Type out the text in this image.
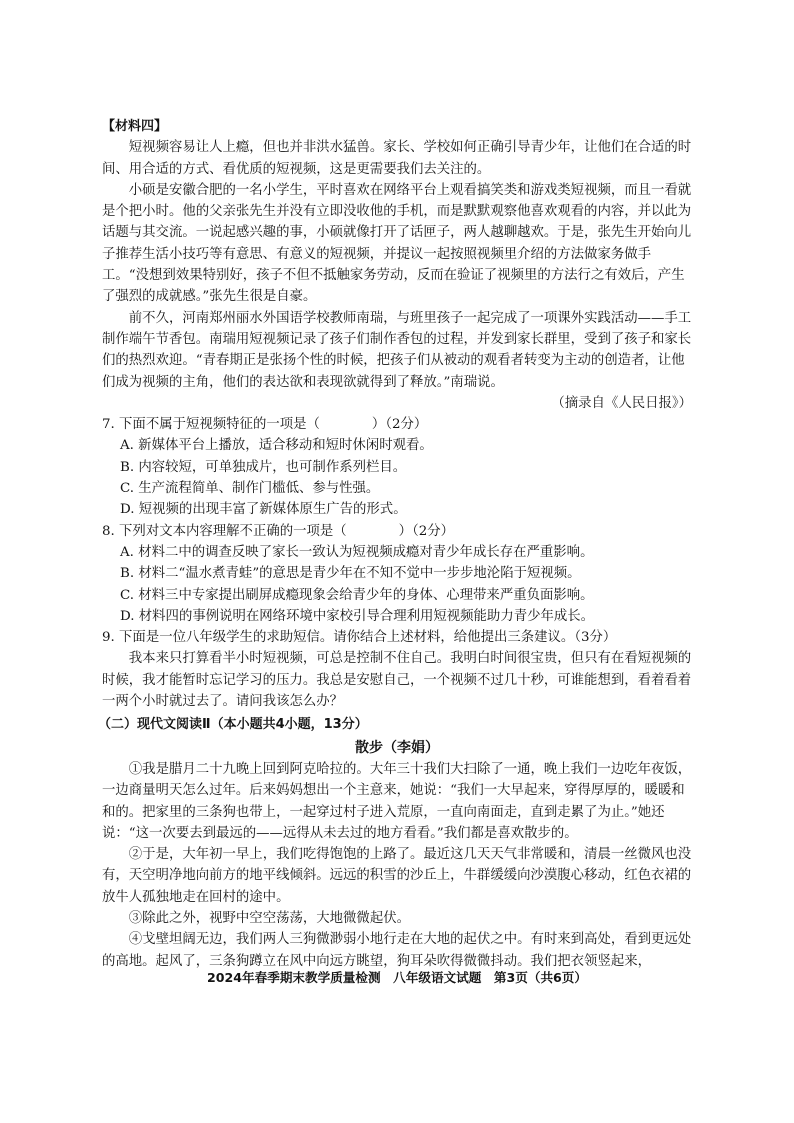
【材料四】

短视频容易让人上瘾，但也并非洪水猛兽。家长、学校如何正确引导青少年，让他们在合适的时间、用合适的方式、看优质的短视频，这是更需要我们去关注的。

小硕是安徽合肥的一名小学生，平时喜欢在网络平台上观看搞笑类和游戏类短视频，而且一看就是个把小时。他的父亲张先生并没有立即没收他的手机，而是默默观察他喜欢观看的内容，并以此为话题与其交流。一说起感兴趣的事，小硕就像打开了话匣子，两人越聊越欢。于是，张先生开始向儿子推荐生活小技巧等有意思、有意义的短视频，并提议一起按照视频里介绍的方法做家务做手工。“没想到效果特别好，孩子不但不抵触家务劳动，反而在验证了视频里的方法行之有效后，产生了强烈的成就感。”张先生很是自豪。

前不久，河南郑州丽水外国语学校教师南瑞，与班里孩子一起完成了一项课外实践活动——手工制作端午节香包。南瑞用短视频记录了孩子们制作香包的过程，并发到家长群里，受到了孩子和家长们的热烈欢迎。“青春期正是张扬个性的时候，把孩子们从被动的观看者转变为主动的创造者，让他们成为视频的主角，他们的表达欲和表现欲就得到了释放。”南瑞说。

（摘录自《人民日报》）

7. 下面不属于短视频特征的一项是（	）（2分）

A. 新媒体平台上播放，适合移动和短时休闲时观看。

B. 内容较短，可单独成片，也可制作系列栏目。

C. 生产流程简单、制作门槛低、参与性强。

D. 短视频的出现丰富了新媒体原生广告的形式。

8. 下列对文本内容理解不正确的一项是（	）（2分）

A. 材料二中的调查反映了家长一致认为短视频成瘾对青少年成长存在严重影响。

B. 材料二“温水煮青蛙”的意思是青少年在不知不觉中一步步地沦陷于短视频。

C. 材料三中专家提出刷屏成瘾现象会给青少年的身体、心理带来严重负面影响。

D. 材料四的事例说明在网络环境中家校引导合理利用短视频能助力青少年成长。

9. 下面是一位八年级学生的求助短信。请你结合上述材料，给他提出三条建议。（3分）

我本来只打算看半小时短视频，可总是控制不住自己。我明白时间很宝贵，但只有在看短视频的时候，我才能暂时忘记学习的压力。我总是安慰自己，一个视频不过几十秒，可谁能想到，看着看着一两个小时就过去了。请问我该怎么办？

（二）现代文阅读Ⅱ（本小题共4小题，13分）

散步（李娟）

①我是腊月二十九晚上回到阿克哈拉的。大年三十我们大扫除了一通，晚上我们一边吃年夜饭，一边商量明天怎么过年。后来妈妈想出一个主意来，她说：“我们一大早起来，穿得厚厚的，暖暖和和的。把家里的三条狗也带上，一起穿过村子进入荒原，一直向南面走，直到走累了为止。”她还说：“这一次要去到最远的——远得从未去过的地方看看。”我们都是喜欢散步的。

②于是，大年初一早上，我们吃得饱饱的上路了。最近这几天天气非常暖和，清晨一丝微风也没有，天空明净地向前方的地平线倾斜。远远的积雪的沙丘上，牛群缓缓向沙漠腹心移动，红色衣裙的放牛人孤独地走在回村的途中。

③除此之外，视野中空空荡荡，大地微微起伏。

④戈壁坦阔无边，我们两人三狗微渺弱小地行走在大地的起伏之中。有时来到高处，看到更远处的高地。起风了，三条狗蹲立在风中向远方眺望，狗耳朵吹得微微抖动。我们把衣领竖起来，

2024年春季期末教学质量检测　八年级语文试题　第3页（共6页）
